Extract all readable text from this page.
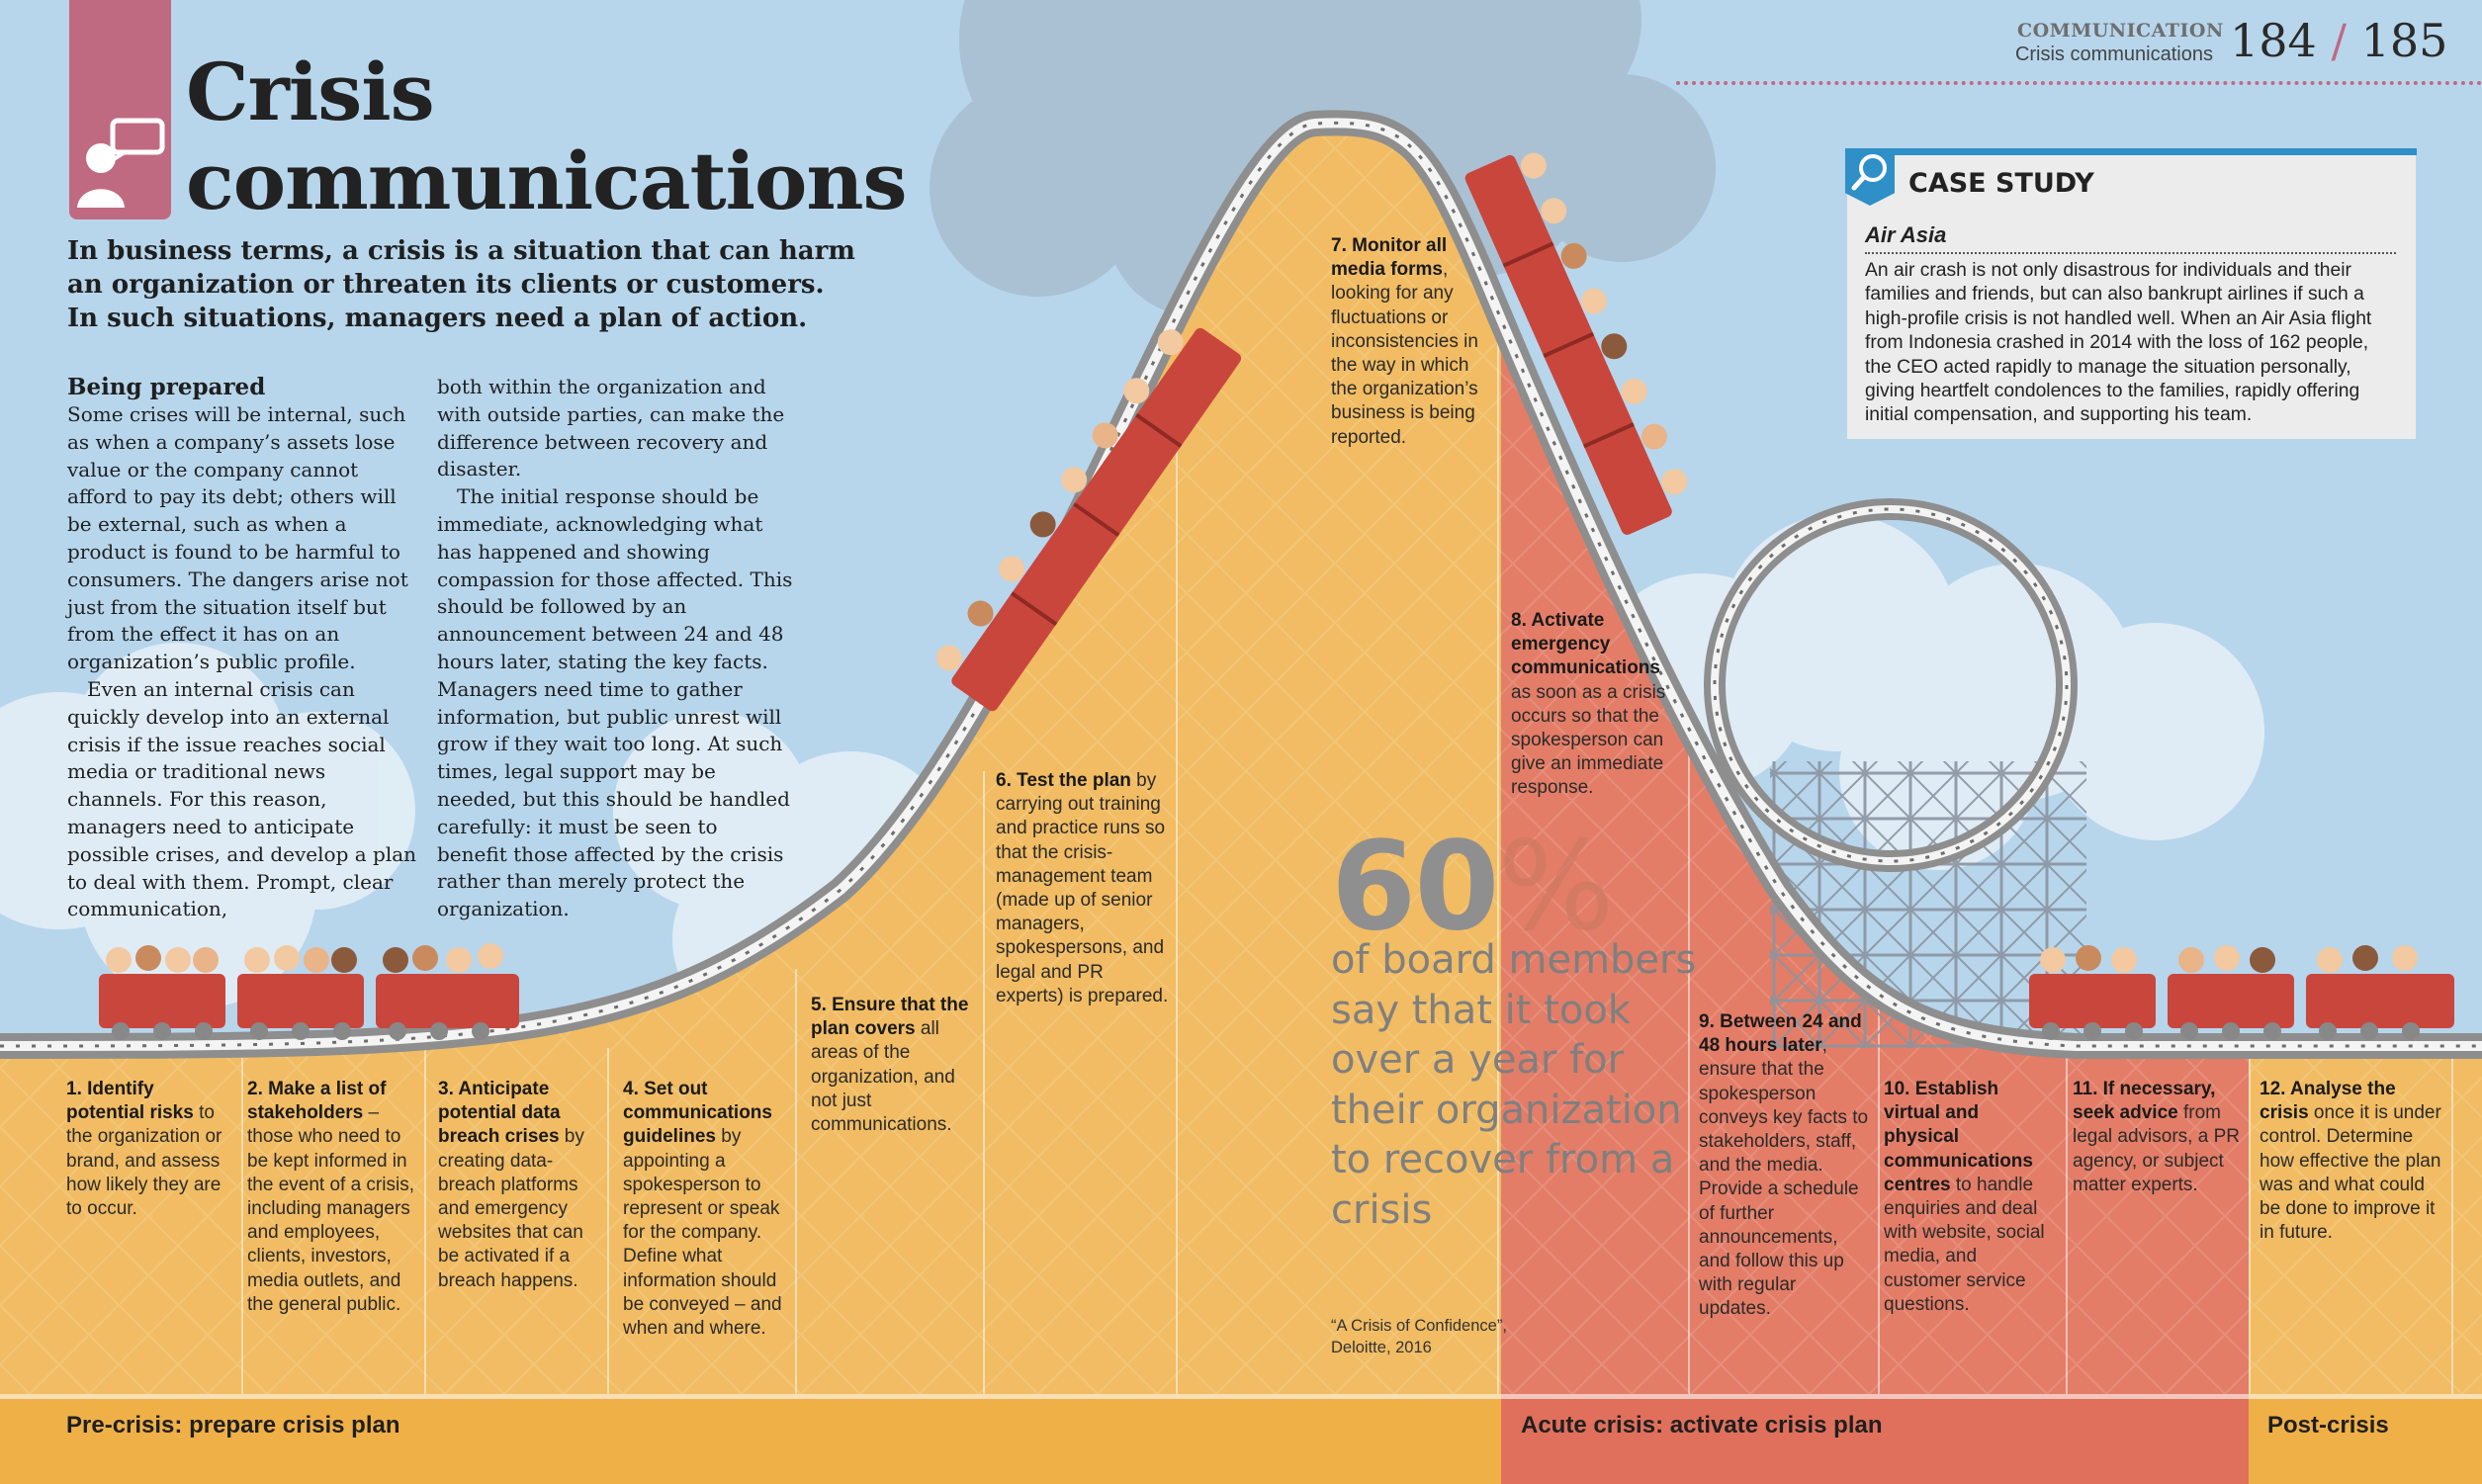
Crisis
communications
In business terms, a crisis is a situation that can harm an organization or threaten its clients or customers. In such situations, managers need a plan of action.
Being prepared

Some crises will be internal, such as when a company’s assets lose value or the company cannot afford to pay its debt; others will be external, such as when a product is found to be harmful to consumers. The dangers arise not just from the situation itself but from the effect it has on an organization’s public profile.

Even an internal crisis can quickly develop into an external crisis if the issue reaches social media or traditional news channels. For this reason, managers need to anticipate possible crises, and develop a plan to deal with them. Prompt, clear communication,

both within the organization and with outside parties, can make the difference between recovery and disaster.

The initial response should be immediate, acknowledging what has happened and showing compassion for those affected. This should be followed by an announcement between 24 and 48 hours later, stating the key facts. Managers need time to gather information, but public unrest will grow if they wait too long. At such times, legal support may be needed, but this should be handled carefully: it must be seen to benefit those affected by the crisis rather than merely protect the organization.

COMMUNICATION
Crisis communications 184 / 185
CASE STUDY
Air Asia
An air crash is not only disastrous for individuals and their families and friends, but can also bankrupt airlines if such a high-profile crisis is not handled well. When an Air Asia flight from Indonesia crashed in 2014 with the loss of 162 people, the CEO acted rapidly to manage the situation personally, giving heartfelt condolences to the families, rapidly offering initial compensation, and supporting his team.
1. Identify potential risks to the organization or brand, and assess how likely they are to occur.
2. Make a list of stakeholders – those who need to be kept informed in the event of a crisis, including managers and employees, clients, investors, media outlets, and the general public.
3. Anticipate potential data breach crises by creating data-breach platforms and emergency websites that can be activated if a breach happens.
4. Set out communications guidelines by appointing a spokesperson to represent or speak for the company. Define what information should be conveyed – and when and where.
5. Ensure that the plan covers all areas of the organization, and not just communications.
6. Test the plan by carrying out training and practice runs so that the crisis-management team (made up of senior managers, spokespersons, and legal and PR experts) is prepared.
7. Monitor all media forms, looking for any fluctuations or inconsistencies in the way in which the organization’s business is being reported.
8. Activate emergency communications as soon as a crisis occurs so that the spokesperson can give an immediate response.
9. Between 24 and 48 hours later, ensure that the spokesperson conveys key facts to stakeholders, staff, and the media. Provide a schedule of further announcements, and follow this up with regular updates.
10. Establish virtual and physical communications centres to handle enquiries and deal with website, social media, and customer service questions.
11. If necessary, seek advice from legal advisors, a PR agency, or subject matter experts.
12. Analyse the crisis once it is under control. Determine how effective the plan was and what could be done to improve it in future.
60%
of board members say that it took over a year for their organization to recover from a crisis
“A Crisis of Confidence”, Deloitte, 2016
Pre-crisis: prepare crisis plan	Acute crisis: activate crisis plan	Post-crisis
